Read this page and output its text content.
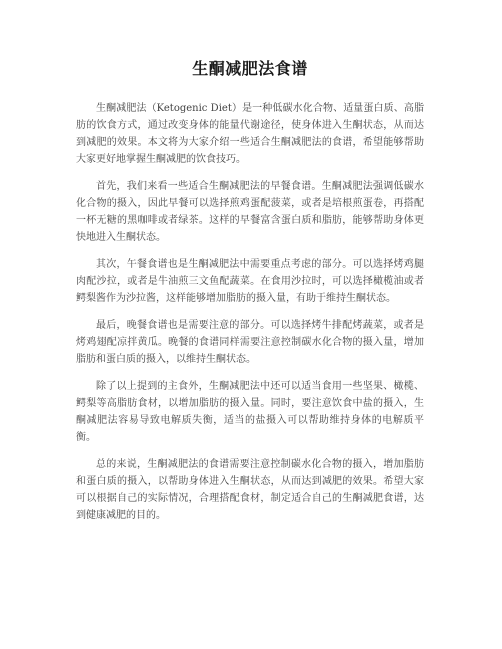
生酮减肥法食谱

生酮减肥法（Ketogenic Diet）是一种低碳水化合物、适量蛋白质、高脂肪的饮食方式，通过改变身体的能量代谢途径，使身体进入生酮状态，从而达到减肥的效果。本文将为大家介绍一些适合生酮减肥法的食谱，希望能够帮助大家更好地掌握生酮减肥的饮食技巧。

首先，我们来看一些适合生酮减肥法的早餐食谱。生酮减肥法强调低碳水化合物的摄入，因此早餐可以选择煎鸡蛋配菠菜，或者是培根煎蛋卷，再搭配一杯无糖的黑咖啡或者绿茶。这样的早餐富含蛋白质和脂肪，能够帮助身体更快地进入生酮状态。

其次，午餐食谱也是生酮减肥法中需要重点考虑的部分。可以选择烤鸡腿肉配沙拉，或者是牛油煎三文鱼配蔬菜。在食用沙拉时，可以选择橄榄油或者鳄梨酱作为沙拉酱，这样能够增加脂肪的摄入量，有助于维持生酮状态。

最后，晚餐食谱也是需要注意的部分。可以选择烤牛排配烤蔬菜，或者是烤鸡翅配凉拌黄瓜。晚餐的食谱同样需要注意控制碳水化合物的摄入量，增加脂肪和蛋白质的摄入，以维持生酮状态。

除了以上提到的主食外，生酮减肥法中还可以适当食用一些坚果、橄榄、鳄梨等高脂肪食材，以增加脂肪的摄入量。同时，要注意饮食中盐的摄入，生酮减肥法容易导致电解质失衡，适当的盐摄入可以帮助维持身体的电解质平衡。

总的来说，生酮减肥法的食谱需要注意控制碳水化合物的摄入，增加脂肪和蛋白质的摄入，以帮助身体进入生酮状态，从而达到减肥的效果。希望大家可以根据自己的实际情况，合理搭配食材，制定适合自己的生酮减肥食谱，达到健康减肥的目的。
